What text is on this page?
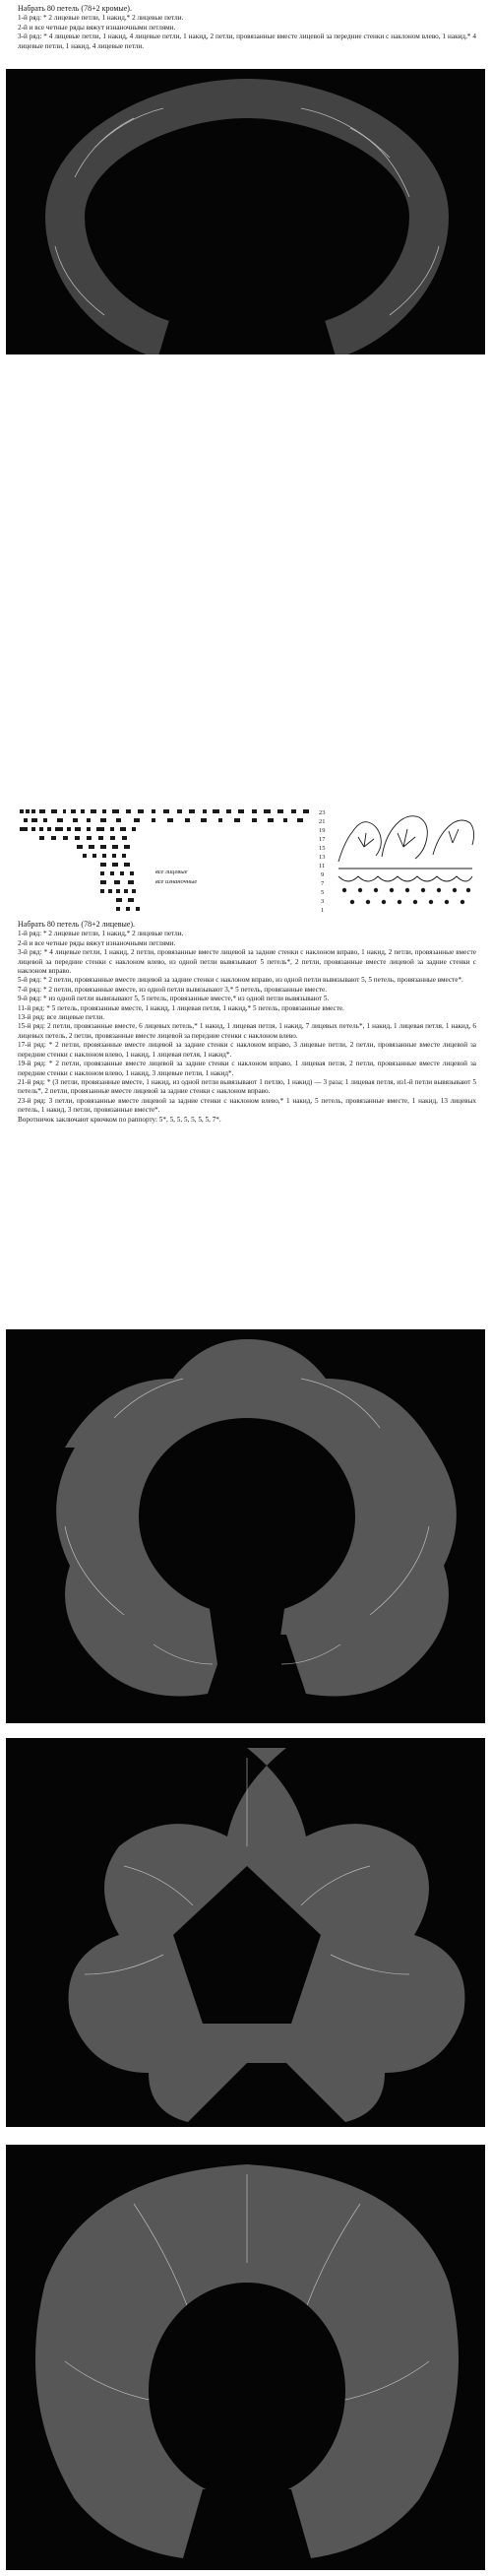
Набрать 80 петель (78+2 кромые).

1-й ряд: * 2 лицевые петли, 1 накид,* 2 лицевые петли.

2-й и все четные ряды вяжут изнаночными петлями.

3-й ряд: * 4 лицевые петли, 1 накид, 4 лицевые петли, 1 накид, 2 петли, провязанные вместе лицевой за передние стенки с наклоном влево, 1 накид,* 4 лицевые петли, 1 накид, 4 лицевые петли.

23
21
19
17
15
13
11
9
7
5
3
1
все лицевые
все изнаночные

Набрать 80 петель (78+2 лицевые).

1-й ряд: * 2 лицевые петли, 1 накид,* 2 лицевые петли.

2-й и все четные ряды вяжут изнаночными петлями.

3-й ряд: * 4 лицевые петли, 1 накид, 2 петли, провязанные вместе лицевой за задние стенки с наклоном вправо, 1 накид, 2 петли, провязанные вместе лицевой за передние стенки с наклоном влево, из одной петли вывязывают 5 петель*, 2 петли, провязанные вместе лицевой за задние стенки с наклоном вправо.

5-й ряд: * 2 петли, провязанные вместе лицевой за задние стенки с наклоном вправо, из одной петли вывязывают 5, 5 петель, провязанные вместе*.

7-й ряд: * 2 петли, провязанные вместе, из одной петли вывязывают 3,* 5 петель, провязанные вместе.

9-й ряд: * из одной петли вывязывают 5, 5 петель, провязанные вместе,* из одной петли вывязывают 5.

11-й ряд: * 5 петель, провязанные вместе, 1 накид, 1 лицевая петля, 1 накид,* 5 петель, провязанные вместе.

13-й ряд: все лицевые петли.

15-й ряд: 2 петли, провязанные вместе, 6 лицевых петель,* 1 накид, 1 лицевая петля, 1 накид, 7 лицевых петель*, 1 накид, 1 лицевая петля, 1 накид, 6 лицевых петель, 2 петли, провязанные вместе лицевой за передние стенки с наклоном влево.

17-й ряд: * 2 петли, провязанные вместе лицевой за задние стенки с наклоном вправо, 3 лицевые петли, 2 петли, провязанные вместе лицевой за передние стенки с наклоном влево, 1 накид, 1 лицевая петля, 1 накид*.

19-й ряд: * 2 петли, провязанные вместе лицевой за задние стенки с наклоном вправо, 1 лицевая петля, 2 петли, провязанные вместе лицевой за передние стенки с наклоном влево, 1 накид, 3 лицевые петли, 1 накид*.

21-й ряд: * (3 петли, провязанные вместе, 1 накид, из одной петли вывязывают 1 петлю, 1 накид) — 3 раза; 1 лицевая петля, из1-й петли вывязывают 5 петель*, 2 петли, провязанные вместе лицевой за задние стенки с наклоном вправо.

23-й ряд: 3 петли, провязанные вместе лицевой за задние стенки с наклоном влево,* 1 накид, 5 петель, провязанные вместе, 1 накид, 13 лицевых петель, 1 накид, 3 петли, провязанные вместе*.

Воротничок заключают крючком по раппорту: 5*, 5, 5, 5, 5, 5, 5, 7*.
